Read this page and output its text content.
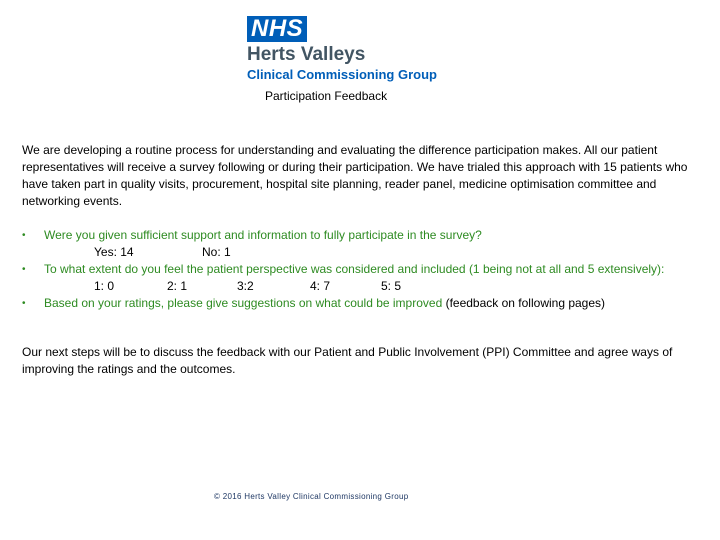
NHS
Herts Valleys
Clinical Commissioning Group
Participation Feedback
We are developing a routine process for understanding and evaluating the difference participation makes. All our patient representatives will receive a survey following or during their participation. We have trialed this approach with 15 patients who have taken part in quality visits, procurement, hospital site planning, reader panel, medicine optimisation committee and networking events.
• Were you given sufficient support and information to fully participate in the survey?
Yes: 14	No: 1
• To what extent do you feel the patient perspective was considered and included (1 being not at all and 5 extensively):
1: 0	2: 1	3:2	4: 7	5: 5
• Based on your ratings, please give suggestions on what could be improved (feedback on following pages)
Our next steps will be to discuss the feedback with our Patient and Public Involvement (PPI) Committee and agree ways of improving the ratings and the outcomes.
© 2016 Herts Valley Clinical Commissioning Group
